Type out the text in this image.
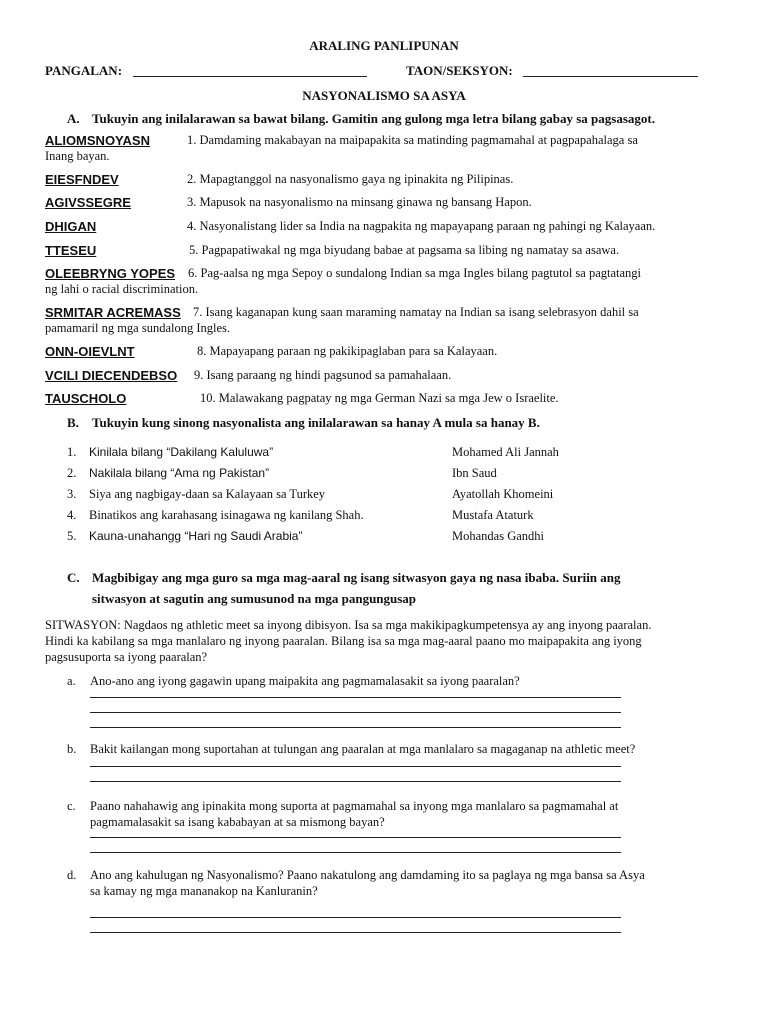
ARALING PANLIPUNAN
PANGALAN:	TAON/SEKSYON:
NASYONALISMO SA ASYA
A. Tukuyin ang inilalarawan sa bawat bilang. Gamitin ang gulong mga letra bilang gabay sa pagsasagot.
ALIOMSNOYASN	1. Damdaming makabayan na maipapakita sa matinding pagmamahal at pagpapahalaga sa
Inang bayan.
EIESFNDEV	2. Mapagtanggol na nasyonalismo gaya ng ipinakita ng Pilipinas.
AGIVSSEGRE	3. Mapusok na nasyonalismo na minsang ginawa ng bansang Hapon.
DHIGAN	4. Nasyonalistang lider sa India na nagpakita ng mapayapang paraan ng pahingi ng Kalayaan.
TTESEU	5. Pagpapatiwakal ng mga biyudang babae at pagsama sa libing ng namatay sa asawa.
OLEEBRYNG YOPES 6. Pag-aalsa ng mga Sepoy o sundalong Indian sa mga Ingles bilang pagtutol sa pagtatangi
ng lahi o racial discrimination.
SRMITAR ACREMASS 7. Isang kaganapan kung saan maraming namatay na Indian sa isang selebrasyon dahil sa
pamamaril ng mga sundalong Ingles.
ONN-OIEVLNT	8. Mapayapang paraan ng pakikipaglaban para sa Kalayaan.
VCILI DIECENDEBSO 9. Isang paraang ng hindi pagsunod sa pamahalaan.
TAUSCHOLO	10. Malawakang pagpatay ng mga German Nazi sa mga Jew o Israelite.
B. Tukuyin kung sinong nasyonalista ang inilalarawan sa hanay A mula sa hanay B.
1. Kinilala bilang “Dakilang Kaluluwa”	Mohamed Ali Jannah
2. Nakilala bilang “Ama ng Pakistan”	Ibn Saud
3. Siya ang nagbigay-daan sa Kalayaan sa Turkey	Ayatollah Khomeini
4. Binatikos ang karahasang isinagawa ng kanilang Shah.	Mustafa Ataturk
5. Kauna-unahangg “Hari ng Saudi Arabia”	Mohandas Gandhi
C. Magbibigay ang mga guro sa mga mag-aaral ng isang sitwasyon gaya ng nasa ibaba. Suriin ang
sitwasyon at sagutin ang sumusunod na mga pangungusap
SITWASYON: Nagdaos ng athletic meet sa inyong dibisyon. Isa sa mga makikipagkumpetensya ay ang inyong paaralan.
Hindi ka kabilang sa mga manlalaro ng inyong paaralan. Bilang isa sa mga mag-aaral paano mo maipapakita ang iyong
pagsusuporta sa iyong paaralan?
a. Ano-ano ang iyong gagawin upang maipakita ang pagmamalasakit sa iyong paaralan?
b. Bakit kailangan mong suportahan at tulungan ang paaralan at mga manlalaro sa magaganap na athletic meet?
c. Paano nahahawig ang ipinakita mong suporta at pagmamahal sa inyong mga manlalaro sa pagmamahal at
pagmamalasakit sa isang kababayan at sa mismong bayan?
d. Ano ang kahulugan ng Nasyonalismo? Paano nakatulong ang damdaming ito sa paglaya ng mga bansa sa Asya
sa kamay ng mga mananakop na Kanluranin?
